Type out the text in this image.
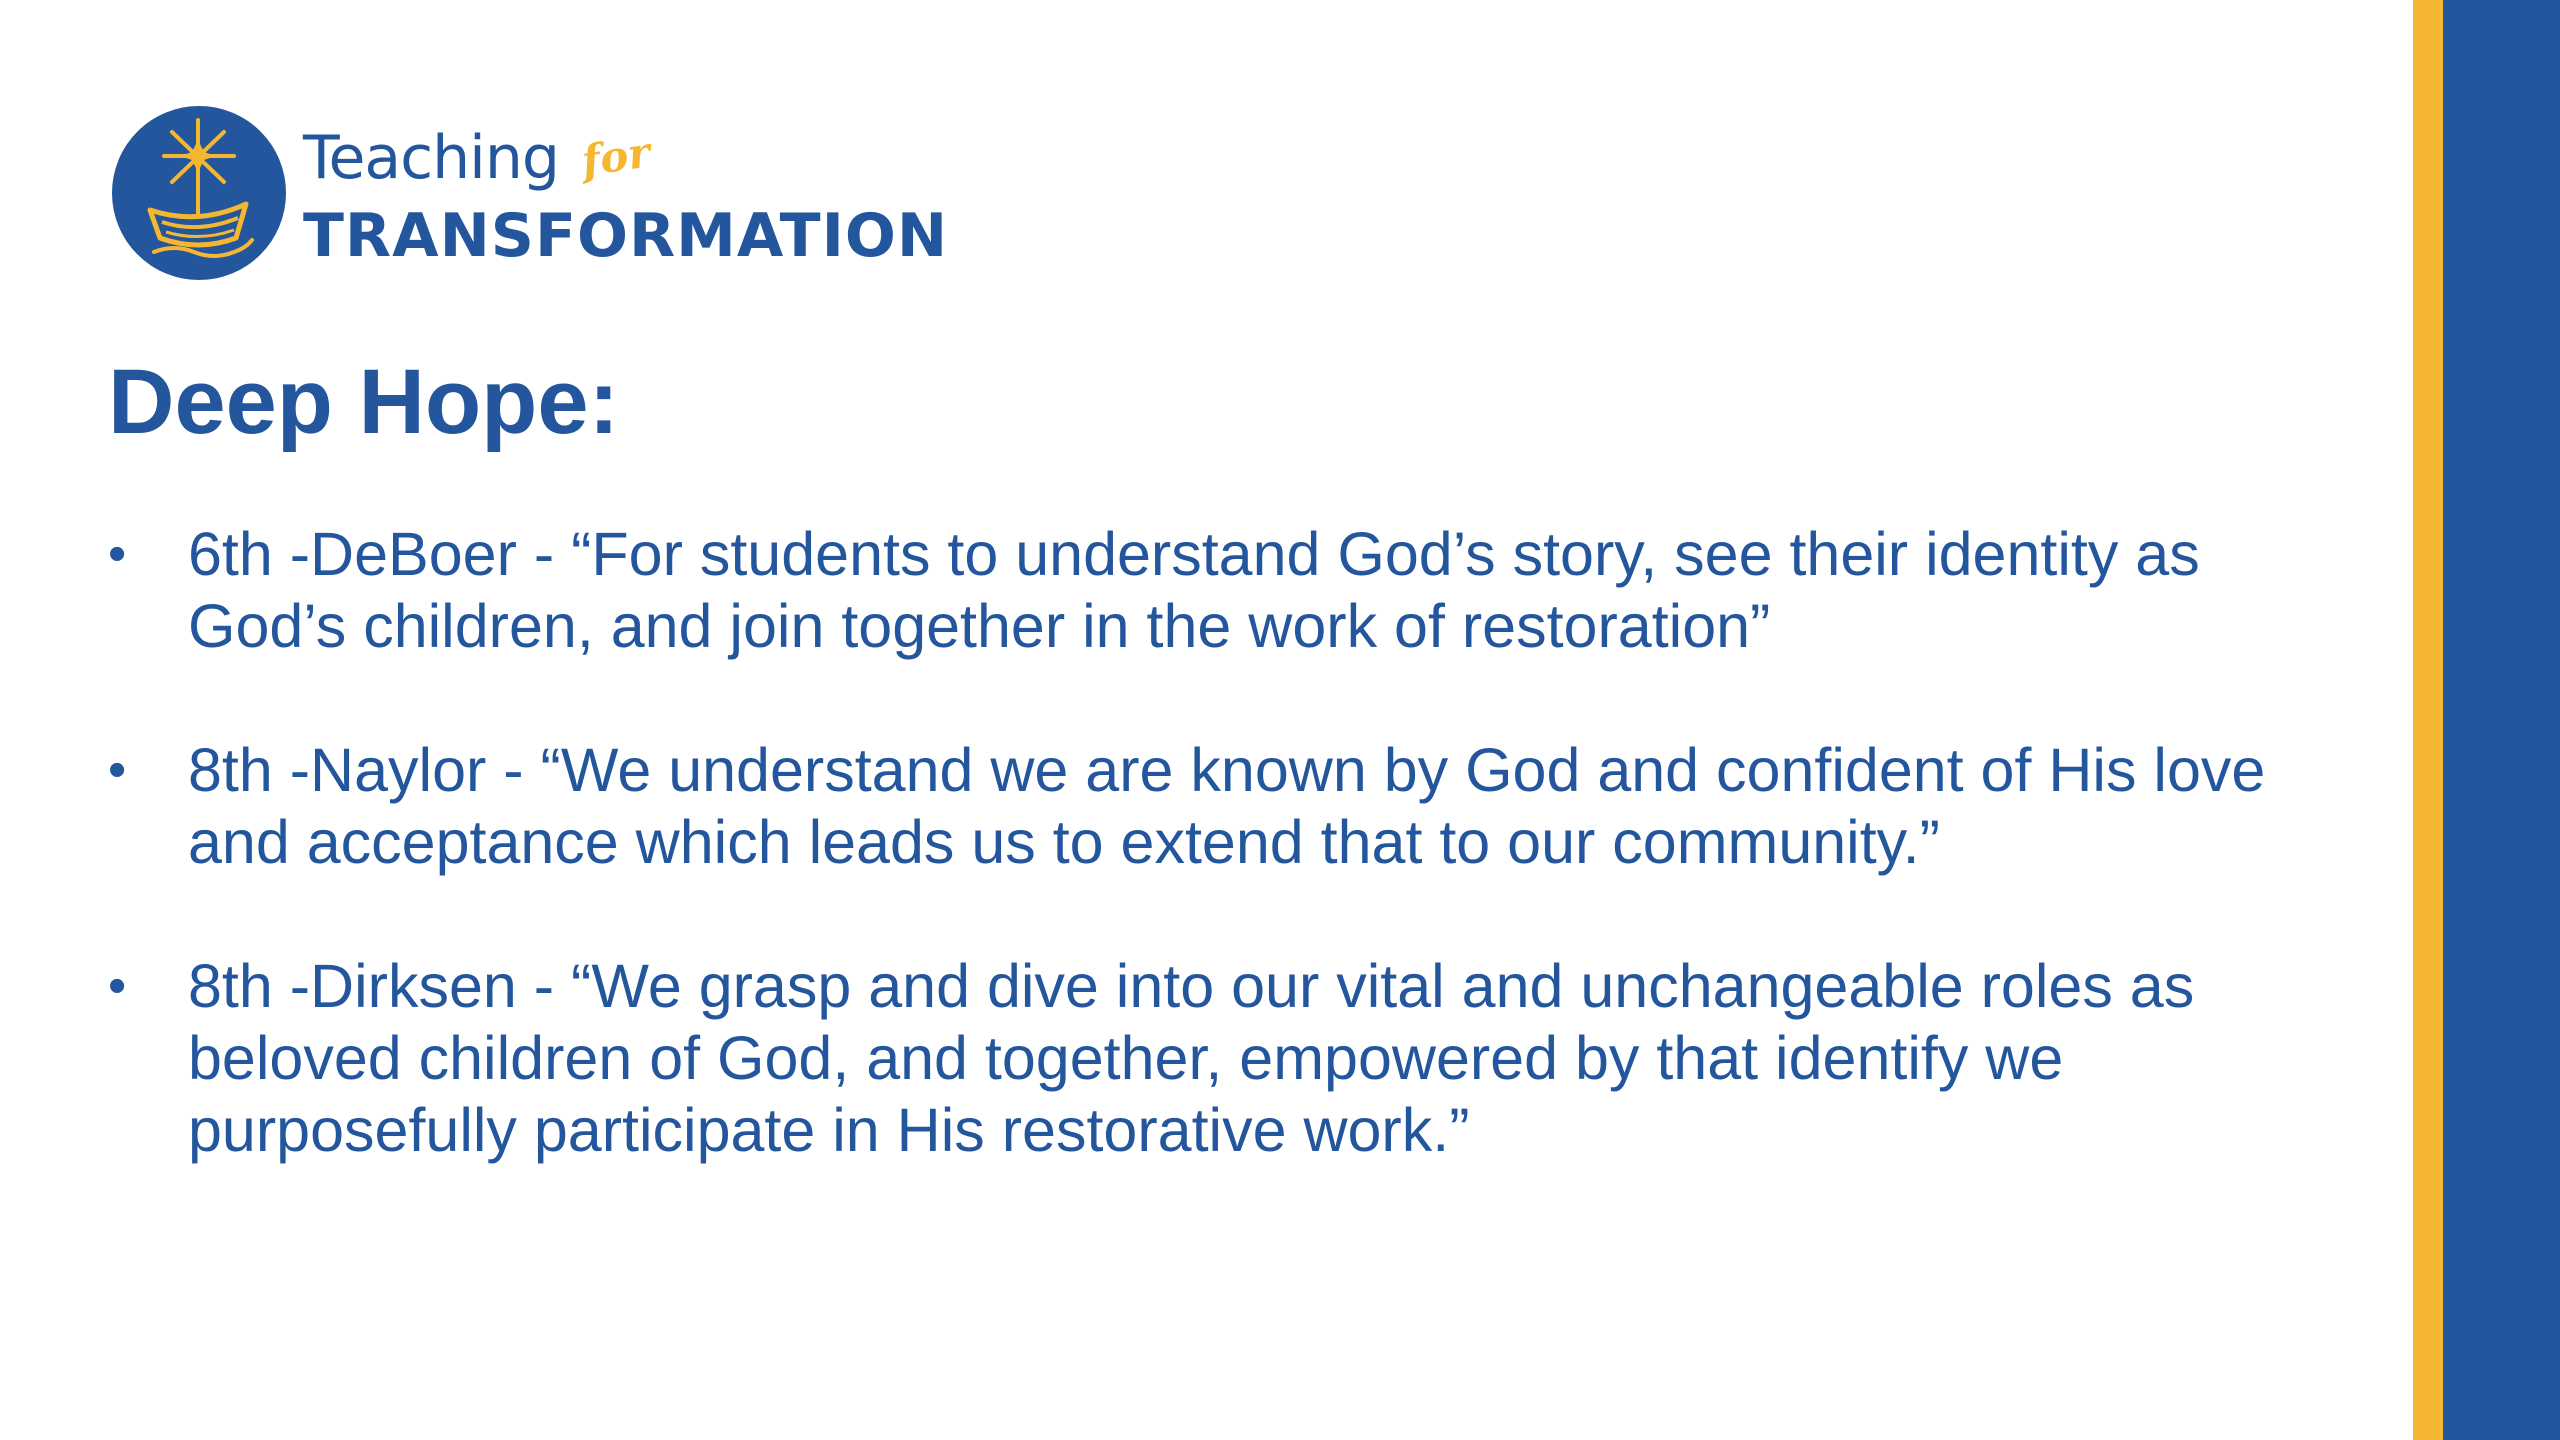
Teaching for
TRANSFORMATION
Deep Hope:
• 6th -DeBoer - “For students to understand God’s story, see their identity as God’s children, and join together in the work of restoration”
• 8th -Naylor - “We understand we are known by God and confident of His love and acceptance which leads us to extend that to our community.”
• 8th -Dirksen - “We grasp and dive into our vital and unchangeable roles as beloved children of God, and together, empowered by that identify we purposefully participate in His restorative work.”
